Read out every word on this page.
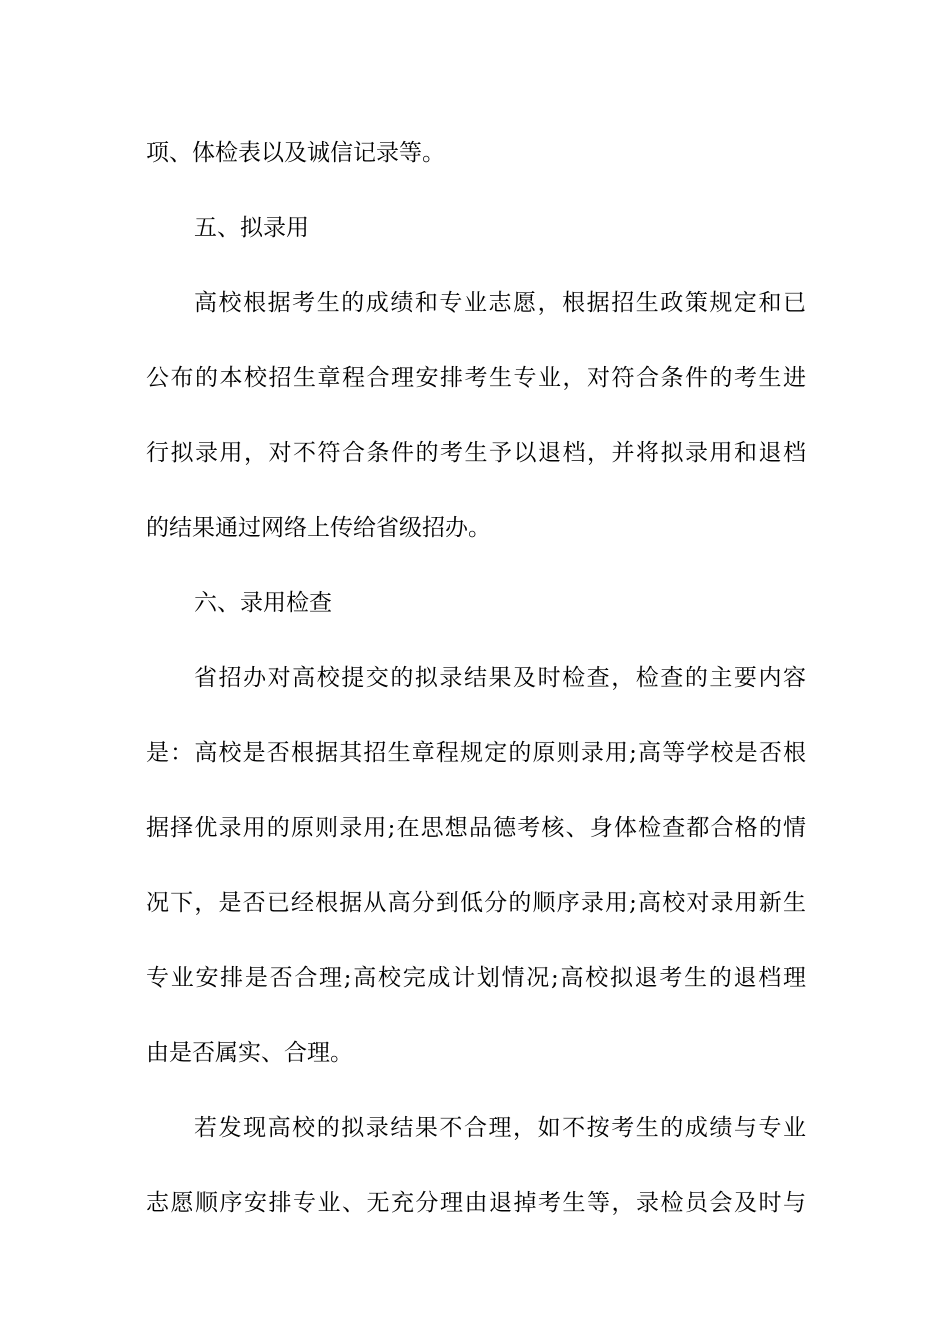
项、体检表以及诚信记录等。
五、拟录用
高校根据考生的成绩和专业志愿，根据招生政策规定和已
公布的本校招生章程合理安排考生专业，对符合条件的考生进
行拟录用，对不符合条件的考生予以退档，并将拟录用和退档
的结果通过网络上传给省级招办。
六、录用检查
省招办对高校提交的拟录结果及时检查，检查的主要内容
是：高校是否根据其招生章程规定的原则录用;高等学校是否根
据择优录用的原则录用;在思想品德考核、身体检查都合格的情
况下，是否已经根据从高分到低分的顺序录用;高校对录用新生
专业安排是否合理;高校完成计划情况;高校拟退考生的退档理
由是否属实、合理。
若发现高校的拟录结果不合理，如不按考生的成绩与专业
志愿顺序安排专业、无充分理由退掉考生等，录检员会及时与
